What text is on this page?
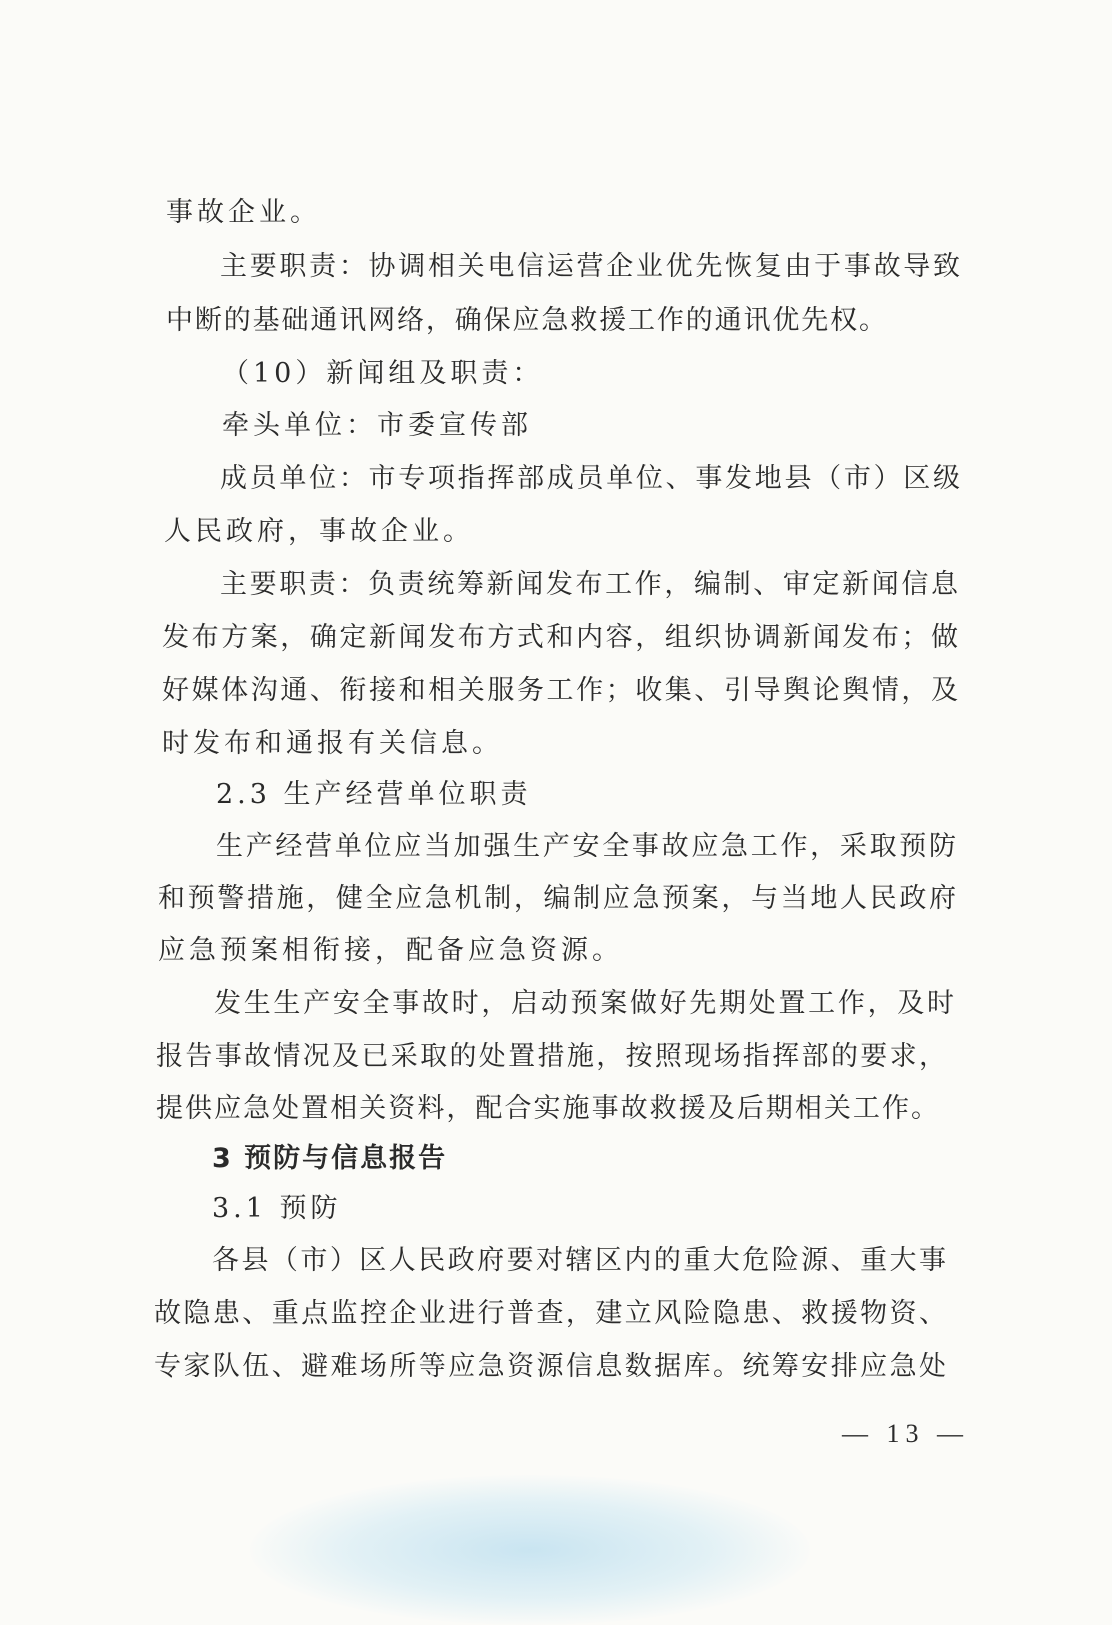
事故企业。
主要职责：协调相关电信运营企业优先恢复由于事故导致
中断的基础通讯网络，确保应急救援工作的通讯优先权。
（10）新闻组及职责：
牵头单位：市委宣传部
成员单位：市专项指挥部成员单位、事发地县（市）区级
人民政府，事故企业。
主要职责：负责统筹新闻发布工作，编制、审定新闻信息
发布方案，确定新闻发布方式和内容，组织协调新闻发布；做
好媒体沟通、衔接和相关服务工作；收集、引导舆论舆情，及
时发布和通报有关信息。
2.3 生产经营单位职责
生产经营单位应当加强生产安全事故应急工作，采取预防
和预警措施，健全应急机制，编制应急预案，与当地人民政府
应急预案相衔接，配备应急资源。
发生生产安全事故时，启动预案做好先期处置工作，及时
报告事故情况及已采取的处置措施，按照现场指挥部的要求，
提供应急处置相关资料，配合实施事故救援及后期相关工作。
3 预防与信息报告
3.1 预防
各县（市）区人民政府要对辖区内的重大危险源、重大事
故隐患、重点监控企业进行普查，建立风险隐患、救援物资、
专家队伍、避难场所等应急资源信息数据库。统筹安排应急处
— 13 —
